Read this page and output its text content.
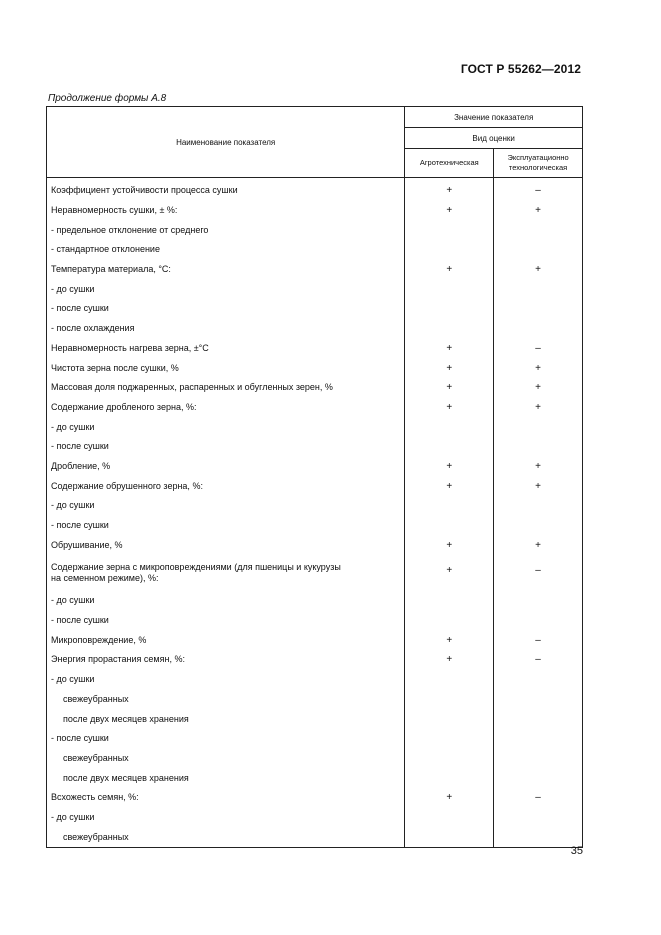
ГОСТ Р 55262—2012
Продолжение формы А.8
Наименование показателя	Значение показателя	
	Вид оценки	
	Агротехническая	Эксплуатационно
технологическая

Коэффициент устойчивости процесса сушки	+	–
Неравномерность сушки, ± %:	+	+
- предельное отклонение от среднего		
- стандартное отклонение		
Температура материала, °С:	+	+
- до сушки		
- после сушки		
- после охлаждения		
Неравномерность нагрева зерна, ±°С	+	–
Чистота зерна после сушки, %	+	+
Массовая доля поджаренных, распаренных и обугленных зерен, %	+	+
Содержание дробленого зерна, %:	+	+
- до сушки		
- после сушки		
Дробление, %	+	+
Содержание обрушенного зерна, %:	+	+
- до сушки		
- после сушки		
Обрушивание, %	+	+
Содержание зерна с микроповреждениями (для пшеницы и кукурузы
на семенном режиме), %:	+	–
- до сушки		
- после сушки		
Микроповреждение, %	+	–
Энергия прорастания семян, %:	+	–
- до сушки		
свежеубранных		
после двух месяцев хранения		
- после сушки		
свежеубранных		
после двух месяцев хранения		
Всхожесть семян, %:	+	–
- до сушки		
свежеубранных		
35
